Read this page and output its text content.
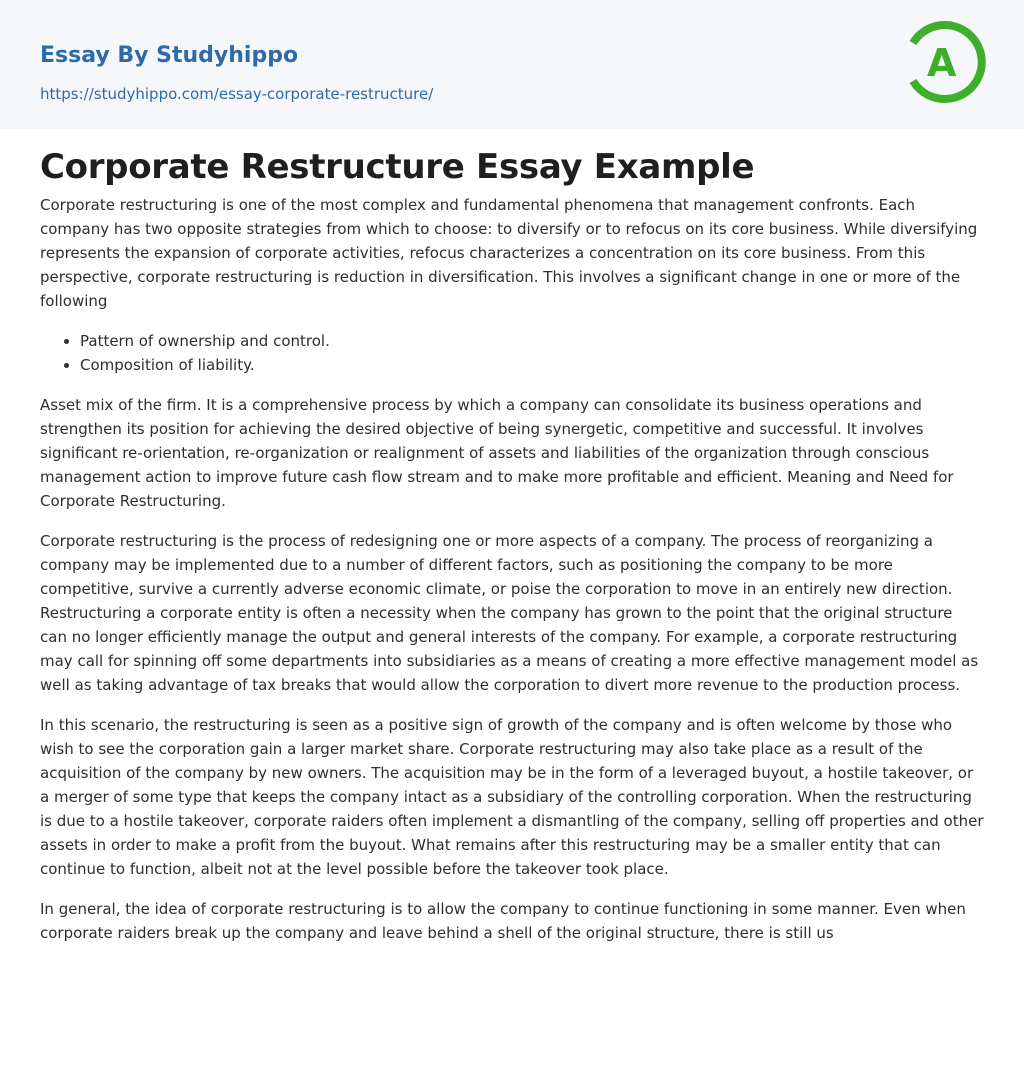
Essay By Studyhippo
https://studyhippo.com/essay-corporate-restructure/
A
Corporate Restructure Essay Example

Corporate restructuring is one of the most complex and fundamental phenomena that management confronts. Each company has two opposite strategies from which to choose: to diversify or to refocus on its core business. While diversifying represents the expansion of corporate activities, refocus characterizes a concentration on its core business. From this perspective, corporate restructuring is reduction in diversification. This involves a significant change in one or more of the following

• Pattern of ownership and control.
• Composition of liability.

Asset mix of the firm. It is a comprehensive process by which a company can consolidate its business operations and strengthen its position for achieving the desired objective of being synergetic, competitive and successful. It involves significant re-orientation, re-organization or realignment of assets and liabilities of the organization through conscious management action to improve future cash flow stream and to make more profitable and efficient. Meaning and Need for Corporate Restructuring.

Corporate restructuring is the process of redesigning one or more aspects of a company. The process of reorganizing a company may be implemented due to a number of different factors, such as positioning the company to be more competitive, survive a currently adverse economic climate, or poise the corporation to move in an entirely new direction. Restructuring a corporate entity is often a necessity when the company has grown to the point that the original structure can no longer efficiently manage the output and general interests of the company. For example, a corporate restructuring may call for spinning off some departments into subsidiaries as a means of creating a more effective management model as well as taking advantage of tax breaks that would allow the corporation to divert more revenue to the production process.

In this scenario, the restructuring is seen as a positive sign of growth of the company and is often welcome by those who wish to see the corporation gain a larger market share. Corporate restructuring may also take place as a result of the acquisition of the company by new owners. The acquisition may be in the form of a leveraged buyout, a hostile takeover, or a merger of some type that keeps the company intact as a subsidiary of the controlling corporation. When the restructuring is due to a hostile takeover, corporate raiders often implement a dismantling of the company, selling off properties and other assets in order to make a profit from the buyout. What remains after this restructuring may be a smaller entity that can continue to function, albeit not at the level possible before the takeover took place.

In general, the idea of corporate restructuring is to allow the company to continue functioning in some manner. Even when corporate raiders break up the company and leave behind a shell of the original structure, there is still us
